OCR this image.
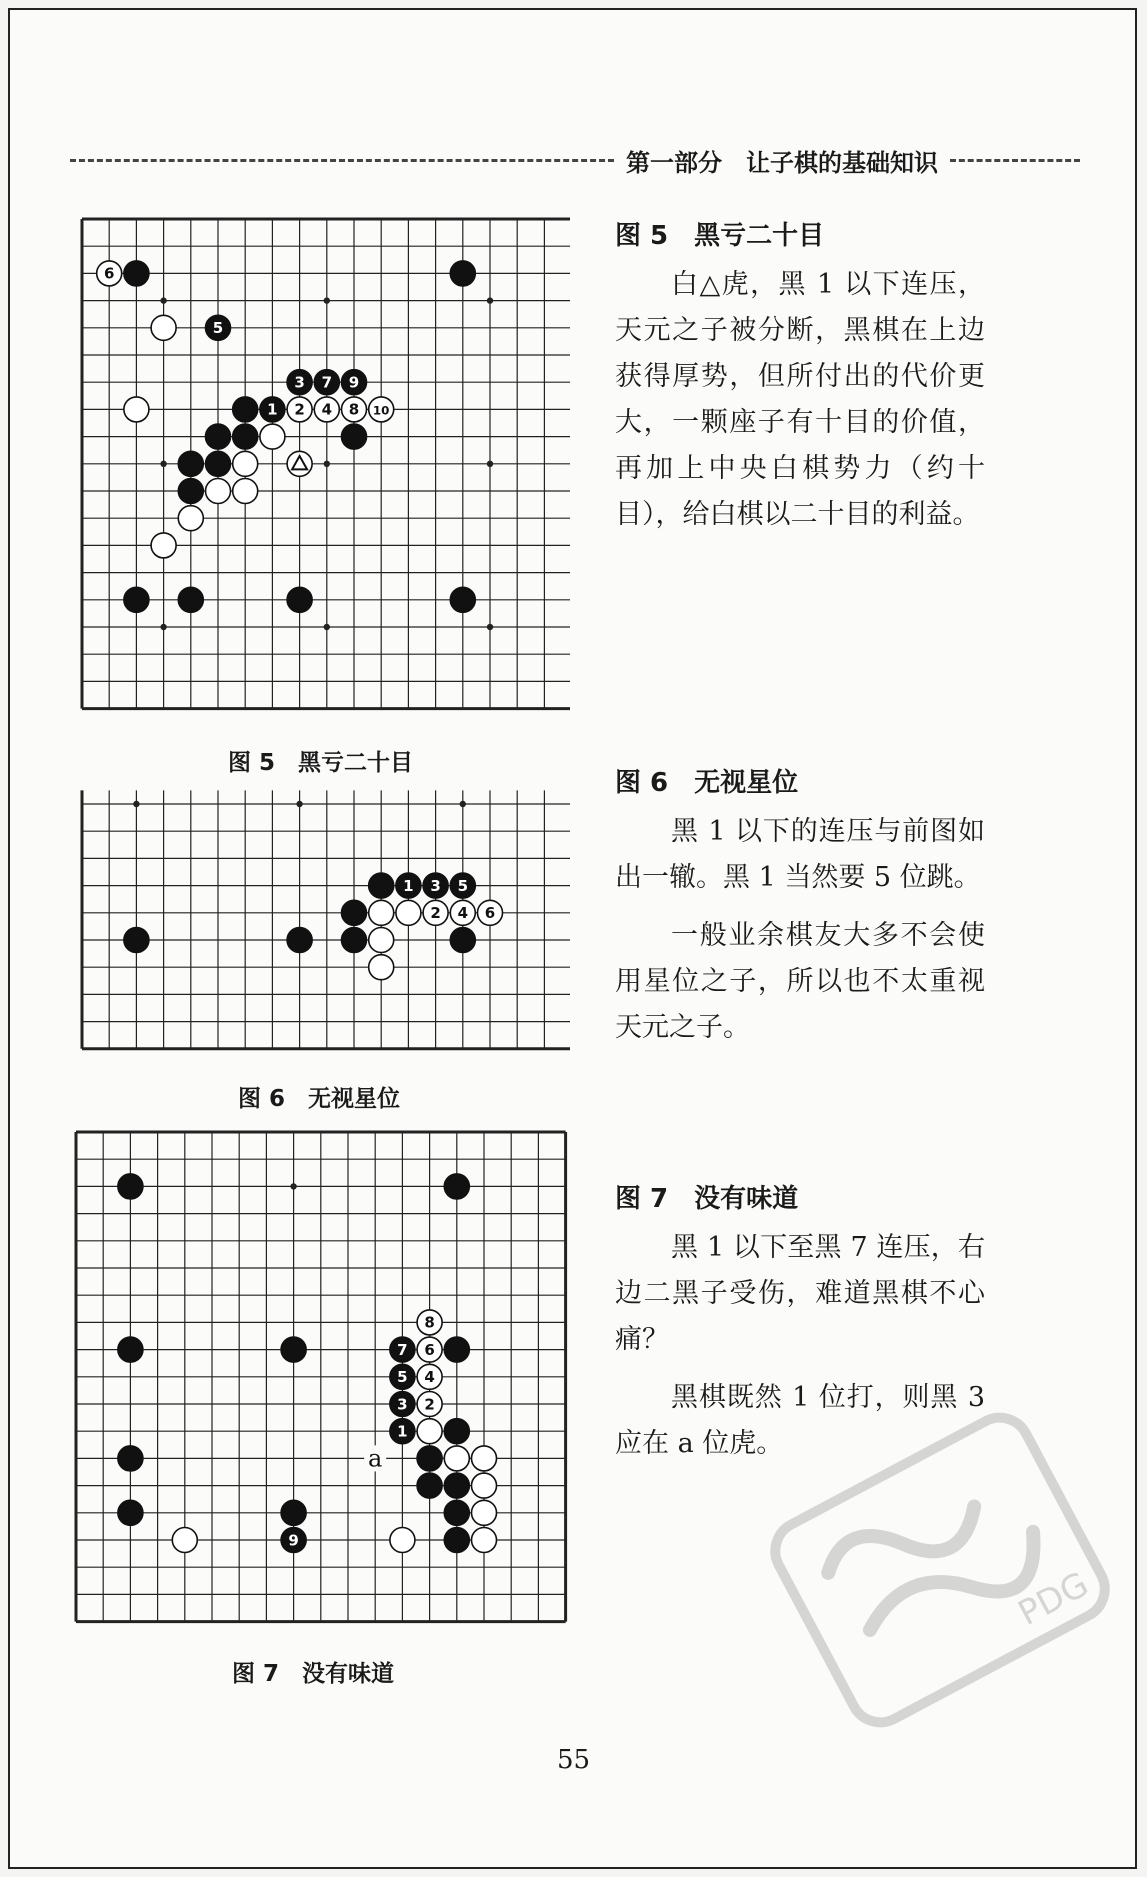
第一部分　让子棋的基础知识
5
6
3 7 9
1 2 4 8 10
图 5　黑亏二十目
1 3 5
2 4 6
图 6　无视星位
8
7 6
5 4
3 2
1
9
a
图 7　没有味道
图 5　黑亏二十目

白△虎，黑 1 以下连压，天元之子被分断，黑棋在上边获得厚势，但所付出的代价更大，一颗座子有十目的价值，再加上中央白棋势力（约十目），给白棋以二十目的利益。

图 6　无视星位

黑 1 以下的连压与前图如出一辙。黑 1 当然要 5 位跳。

一般业余棋友大多不会使用星位之子，所以也不太重视天元之子。

图 7　没有味道

黑 1 以下至黑 7 连压，右边二黑子受伤，难道黑棋不心痛？

黑棋既然 1 位打，则黑 3 应在 a 位虎。

55
PDG
